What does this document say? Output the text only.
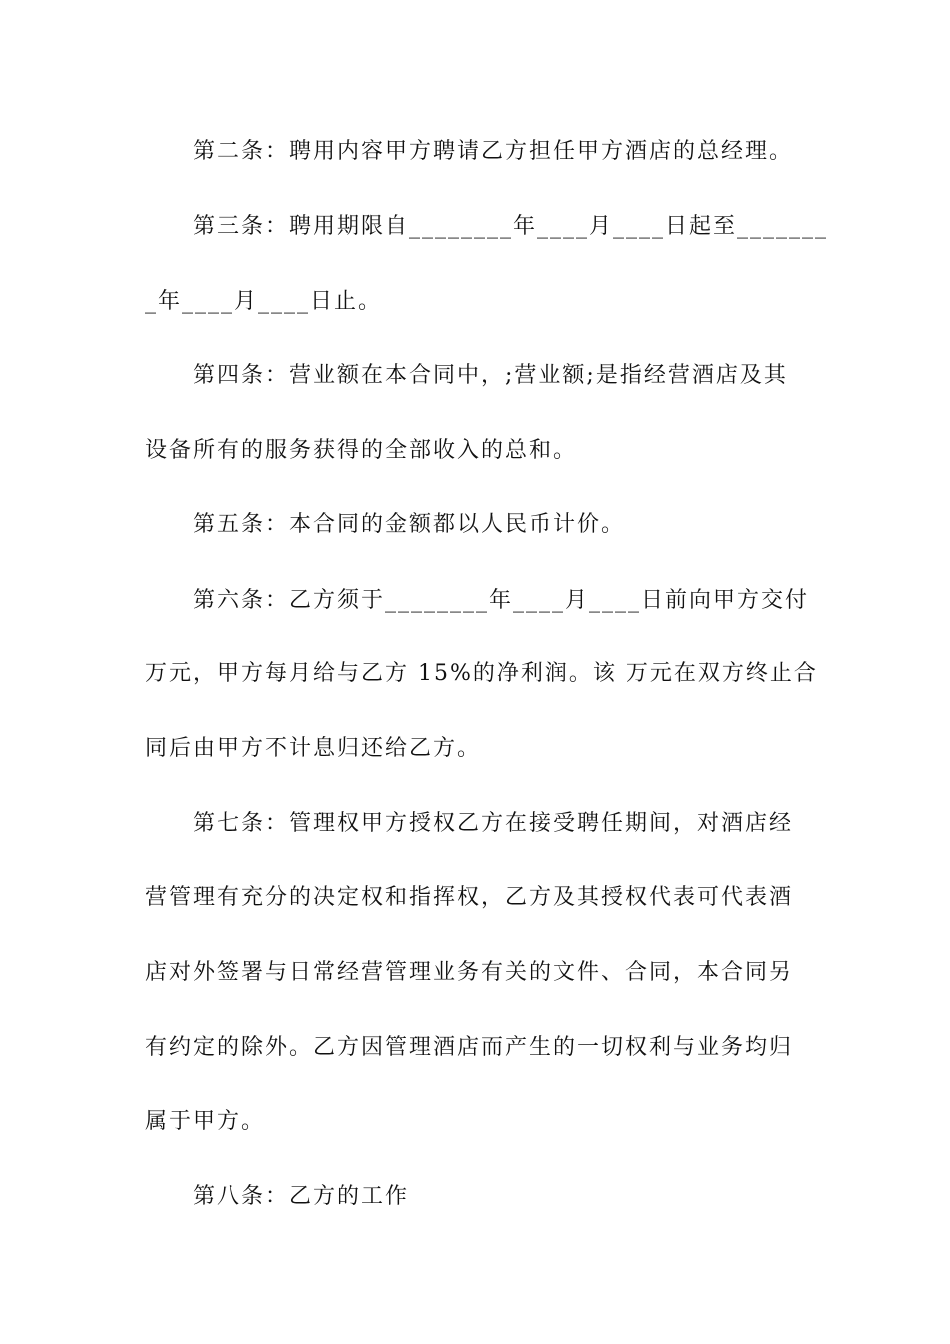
第二条：聘用内容甲方聘请乙方担任甲方酒店的总经理。
第三条：聘用期限自________年____月____日起至_______
_年____月____日止。
第四条：营业额在本合同中，;营业额;是指经营酒店及其
设备所有的服务获得的全部收入的总和。
第五条：本合同的金额都以人民币计价。
第六条：乙方须于________年____月____日前向甲方交付
万元，甲方每月给与乙方 15%的净利润。该 万元在双方终止合
同后由甲方不计息归还给乙方。
第七条：管理权甲方授权乙方在接受聘任期间，对酒店经
营管理有充分的决定权和指挥权，乙方及其授权代表可代表酒
店对外签署与日常经营管理业务有关的文件、合同，本合同另
有约定的除外。乙方因管理酒店而产生的一切权利与业务均归
属于甲方。
第八条：乙方的工作
